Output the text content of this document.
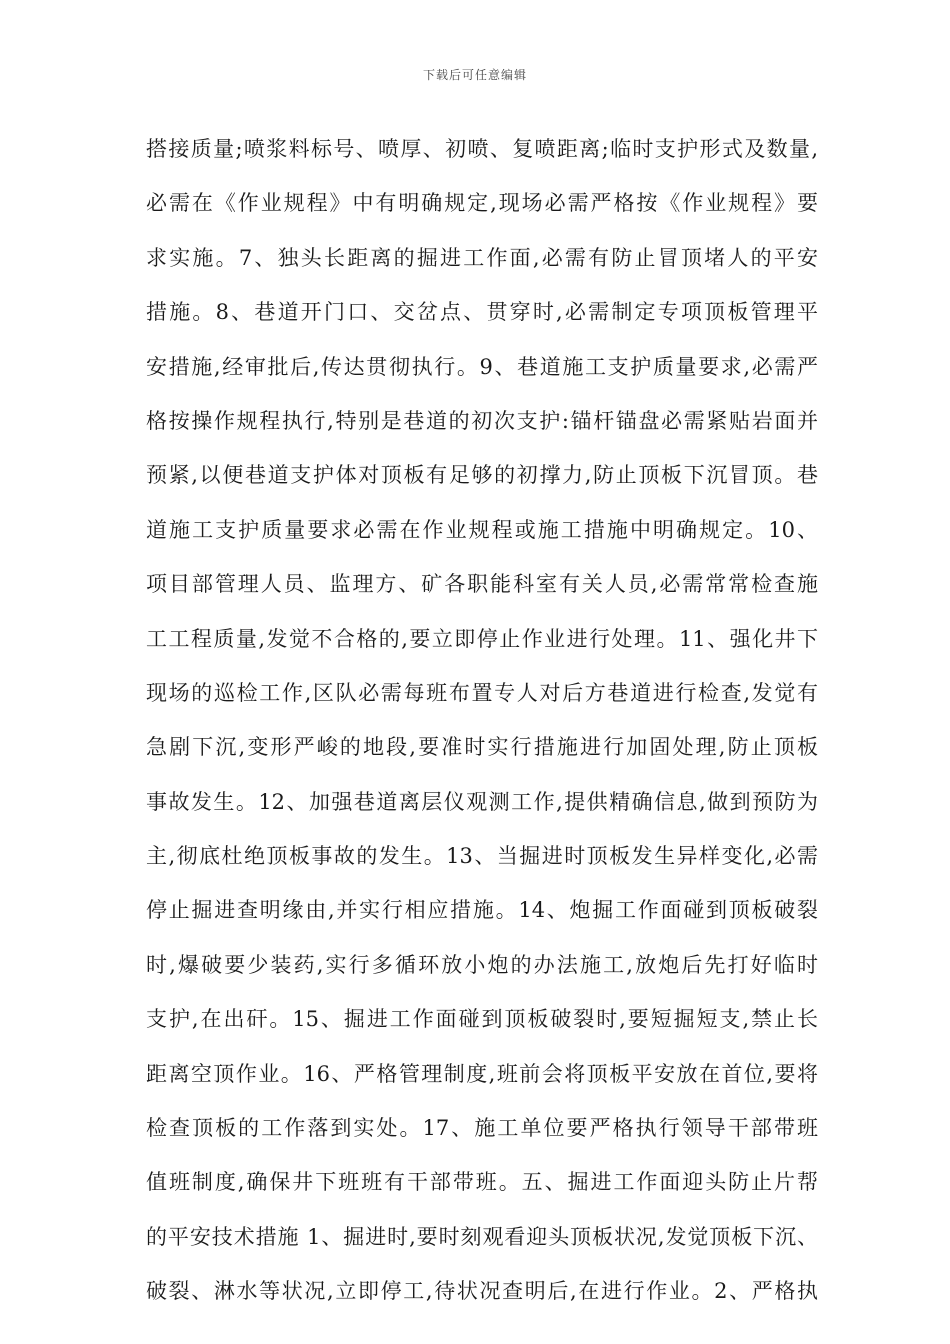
下载后可任意编辑
搭接质量;喷浆料标号、喷厚、初喷、复喷距离;临时支护形式及数量,
必需在《作业规程》中有明确规定,现场必需严格按《作业规程》要
求实施。7、独头长距离的掘进工作面,必需有防止冒顶堵人的平安
措施。8、巷道开门口、交岔点、贯穿时,必需制定专项顶板管理平
安措施,经审批后,传达贯彻执行。9、巷道施工支护质量要求,必需严
格按操作规程执行,特别是巷道的初次支护:锚杆锚盘必需紧贴岩面并
预紧,以便巷道支护体对顶板有足够的初撑力,防止顶板下沉冒顶。巷
道施工支护质量要求必需在作业规程或施工措施中明确规定。10、
项目部管理人员、监理方、矿各职能科室有关人员,必需常常检查施
工工程质量,发觉不合格的,要立即停止作业进行处理。11、强化井下
现场的巡检工作,区队必需每班布置专人对后方巷道进行检查,发觉有
急剧下沉,变形严峻的地段,要准时实行措施进行加固处理,防止顶板
事故发生。12、加强巷道离层仪观测工作,提供精确信息,做到预防为
主,彻底杜绝顶板事故的发生。13、当掘进时顶板发生异样变化,必需
停止掘进查明缘由,并实行相应措施。14、炮掘工作面碰到顶板破裂
时,爆破要少装药,实行多循环放小炮的办法施工,放炮后先打好临时
支护,在出矸。15、掘进工作面碰到顶板破裂时,要短掘短支,禁止长
距离空顶作业。16、严格管理制度,班前会将顶板平安放在首位,要将
检查顶板的工作落到实处。17、施工单位要严格执行领导干部带班
值班制度,确保井下班班有干部带班。五、掘进工作面迎头防止片帮
的平安技术措施 1、掘进时,要时刻观看迎头顶板状况,发觉顶板下沉、
破裂、淋水等状况,立即停工,待状况查明后,在进行作业。2、严格执
